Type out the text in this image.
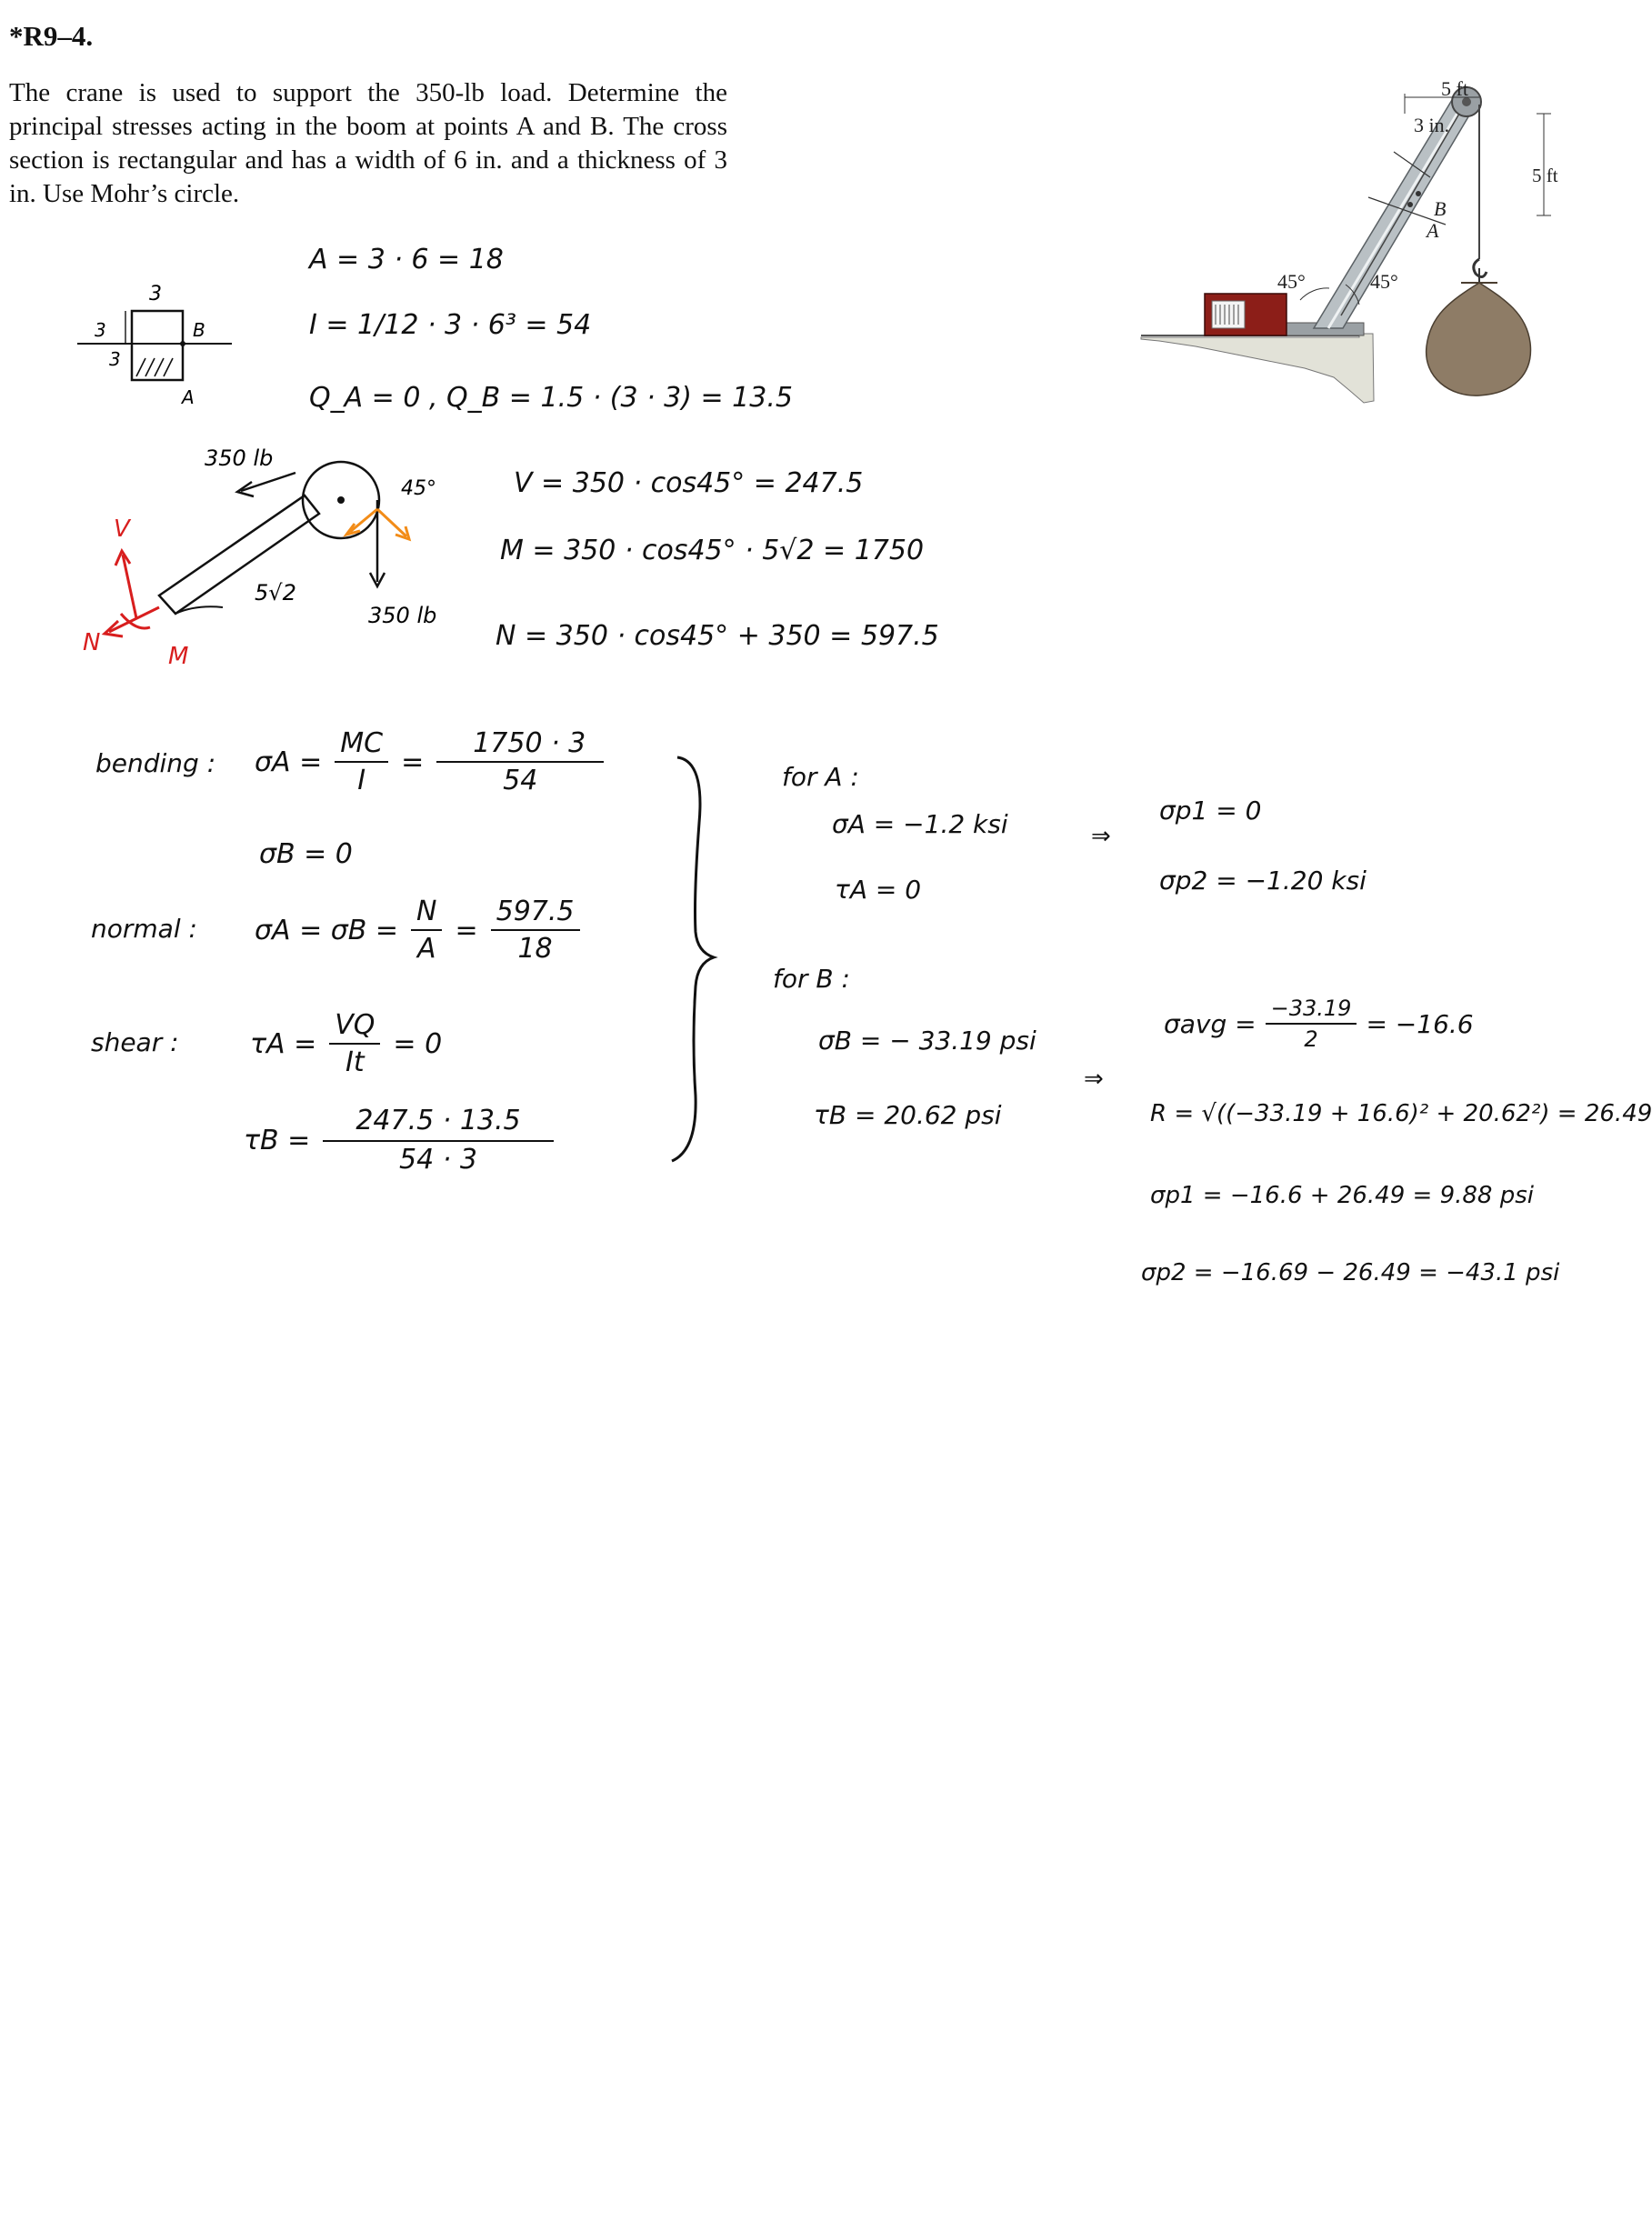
*R9–4.
The crane is used to support the 350-lb load. Determine the principal stresses acting in the boom at points A and B. The cross section is rectangular and has a width of 6 in. and a thickness of 3 in. Use Mohr’s circle.
5 ft
3 in.
5 ft
45°	45°
B
A
3
3
3
B
A
A = 3 · 6 = 18
I = 1/12 · 3 · 6³ = 54
Q_A = 0 , Q_B = 1.5 · (3 · 3) = 13.5
350 lb
350 lb
5√2
45°
V
N	M
V = 350 · cos45° = 247.5
M = 350 · cos45° · 5√2 = 1750
N = 350 · cos45° + 350 = 597.5
bending : $\sigma A = \frac{MC}{I} = \frac{1750 \cdot 3}{54}$
σB = 0
normal : $\sigma A = \sigma B = \frac{N}{A} = \frac{597.5}{18}$
shear :	$\tau A = \frac{VQ}{It} = 0$
$\tau B = \frac{247.5 \cdot 13.5}{54 \cdot 3}$
for A :
σA = −1.2 ksi
τA = 0
⇒
σp1 = 0
σp2 = −1.20 ksi
for B :
σB = − 33.19 psi
τB = 20.62 psi
⇒
$\sigma avg = \frac{-33.19}{2} = -16.6$
R = √((−33.19 + 16.6)² + 20.62²) = 26.49
σp1 = −16.6 + 26.49 = 9.88 psi
σp2 = −16.69 − 26.49 = −43.1 psi
